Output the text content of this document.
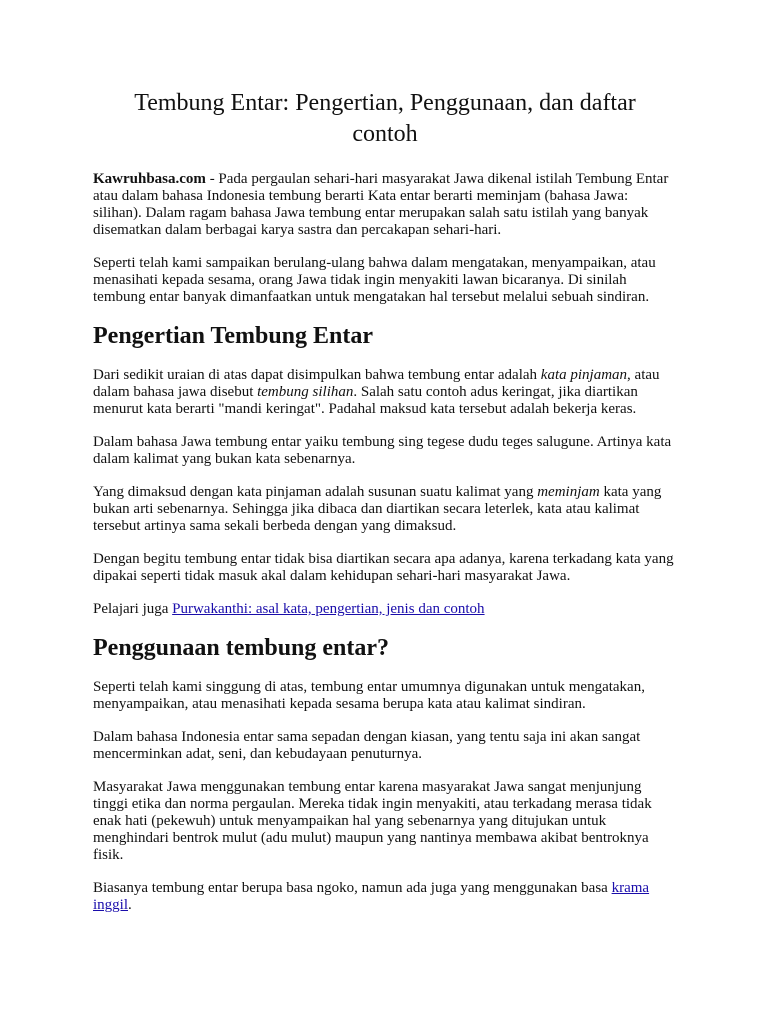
Tembung Entar: Pengertian, Penggunaan, dan daftar
contoh

Kawruhbasa.com - Pada pergaulan sehari-hari masyarakat Jawa dikenal istilah Tembung Entar atau dalam bahasa Indonesia tembung berarti Kata entar berarti meminjam (bahasa Jawa: silihan). Dalam ragam bahasa Jawa tembung entar merupakan salah satu istilah yang banyak disematkan dalam berbagai karya sastra dan percakapan sehari-hari.

Seperti telah kami sampaikan berulang-ulang bahwa dalam mengatakan, menyampaikan, atau menasihati kepada sesama, orang Jawa tidak ingin menyakiti lawan bicaranya. Di sinilah tembung entar banyak dimanfaatkan untuk mengatakan hal tersebut melalui sebuah sindiran.

Pengertian Tembung Entar

Dari sedikit uraian di atas dapat disimpulkan bahwa tembung entar adalah kata pinjaman, atau dalam bahasa jawa disebut tembung silihan. Salah satu contoh adus keringat, jika diartikan menurut kata berarti "mandi keringat". Padahal maksud kata tersebut adalah bekerja keras.

Dalam bahasa Jawa tembung entar yaiku tembung sing tegese dudu teges salugune. Artinya kata dalam kalimat yang bukan kata sebenarnya.

Yang dimaksud dengan kata pinjaman adalah susunan suatu kalimat yang meminjam kata yang bukan arti sebenarnya. Sehingga jika dibaca dan diartikan secara leterlek, kata atau kalimat tersebut artinya sama sekali berbeda dengan yang dimaksud.

Dengan begitu tembung entar tidak bisa diartikan secara apa adanya, karena terkadang kata yang dipakai seperti tidak masuk akal dalam kehidupan sehari-hari masyarakat Jawa.

Pelajari juga Purwakanthi: asal kata, pengertian, jenis dan contoh

Penggunaan tembung entar?

Seperti telah kami singgung di atas, tembung entar umumnya digunakan untuk mengatakan, menyampaikan, atau menasihati kepada sesama berupa kata atau kalimat sindiran.

Dalam bahasa Indonesia entar sama sepadan dengan kiasan, yang tentu saja ini akan sangat mencerminkan adat, seni, dan kebudayaan penuturnya.

Masyarakat Jawa menggunakan tembung entar karena masyarakat Jawa sangat menjunjung tinggi etika dan norma pergaulan. Mereka tidak ingin menyakiti, atau terkadang merasa tidak enak hati (pekewuh) untuk menyampaikan hal yang sebenarnya yang ditujukan untuk menghindari bentrok mulut (adu mulut) maupun yang nantinya membawa akibat bentroknya fisik.

Biasanya tembung entar berupa basa ngoko, namun ada juga yang menggunakan basa krama inggil.
